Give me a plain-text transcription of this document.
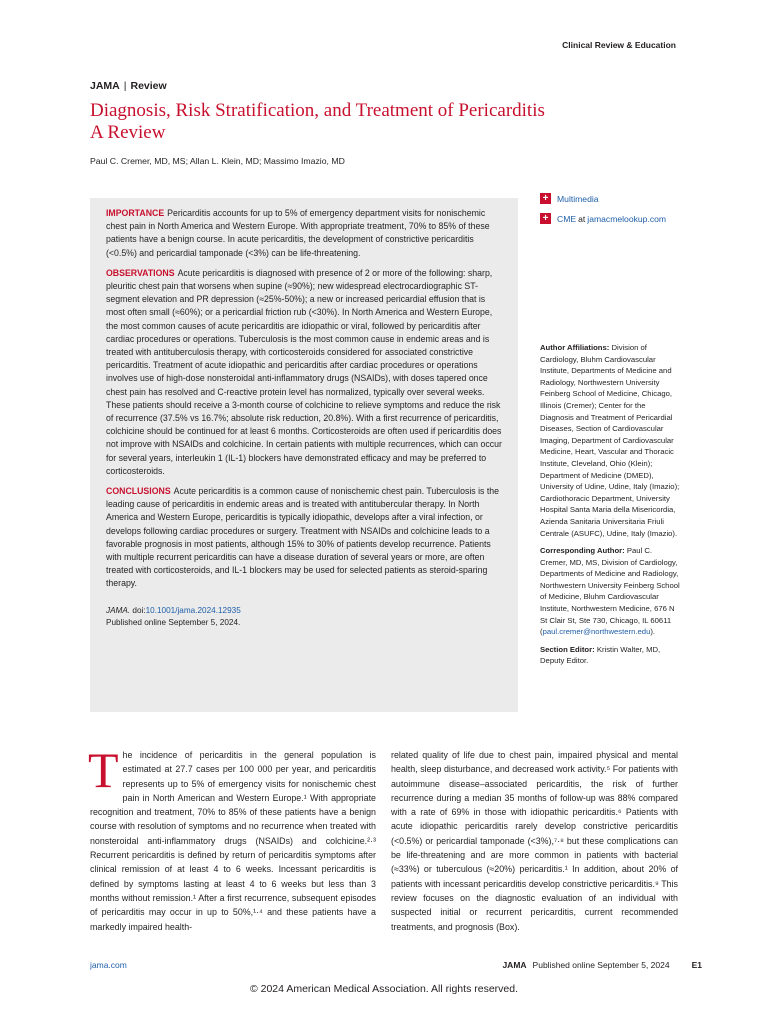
Clinical Review & Education
JAMA | Review
Diagnosis, Risk Stratification, and Treatment of Pericarditis
A Review
Paul C. Cremer, MD, MS; Allan L. Klein, MD; Massimo Imazio, MD

IMPORTANCE Pericarditis accounts for up to 5% of emergency department visits for nonischemic chest pain in North America and Western Europe. With appropriate treatment, 70% to 85% of these patients have a benign course. In acute pericarditis, the development of constrictive pericarditis (<0.5%) and pericardial tamponade (<3%) can be life-threatening.

OBSERVATIONS Acute pericarditis is diagnosed with presence of 2 or more of the following: sharp, pleuritic chest pain that worsens when supine (≈90%); new widespread electrocardiographic ST-segment elevation and PR depression (≈25%-50%); a new or increased pericardial effusion that is most often small (≈60%); or a pericardial friction rub (<30%). In North America and Western Europe, the most common causes of acute pericarditis are idiopathic or viral, followed by pericarditis after cardiac procedures or operations. Tuberculosis is the most common cause in endemic areas and is treated with antituberculosis therapy, with corticosteroids considered for associated constrictive pericarditis. Treatment of acute idiopathic and pericarditis after cardiac procedures or operations involves use of high-dose nonsteroidal anti-inflammatory drugs (NSAIDs), with doses tapered once chest pain has resolved and C-reactive protein level has normalized, typically over several weeks. These patients should receive a 3-month course of colchicine to relieve symptoms and reduce the risk of recurrence (37.5% vs 16.7%; absolute risk reduction, 20.8%). With a first recurrence of pericarditis, colchicine should be continued for at least 6 months. Corticosteroids are often used if pericarditis does not improve with NSAIDs and colchicine. In certain patients with multiple recurrences, which can occur for several years, interleukin 1 (IL-1) blockers have demonstrated efficacy and may be preferred to corticosteroids.

CONCLUSIONS Acute pericarditis is a common cause of nonischemic chest pain. Tuberculosis is the leading cause of pericarditis in endemic areas and is treated with antitubercular therapy. In North America and Western Europe, pericarditis is typically idiopathic, develops after a viral infection, or develops following cardiac procedures or surgery. Treatment with NSAIDs and colchicine leads to a favorable prognosis in most patients, although 15% to 30% of patients develop recurrence. Patients with multiple recurrent pericarditis can have a disease duration of several years or more, are often treated with corticosteroids, and IL-1 blockers may be used for selected patients as steroid-sparing therapy.

JAMA. doi:10.1001/jama.2024.12935
Published online September 5, 2024.
+ Multimedia
+ CME at jamacmelookup.com

Author Affiliations: Division of Cardiology, Bluhm Cardiovascular Institute, Departments of Medicine and Radiology, Northwestern University Feinberg School of Medicine, Chicago, Illinois (Cremer); Center for the Diagnosis and Treatment of Pericardial Diseases, Section of Cardiovascular Imaging, Department of Cardiovascular Medicine, Heart, Vascular and Thoracic Institute, Cleveland, Ohio (Klein); Department of Medicine (DMED), University of Udine, Udine, Italy (Imazio); Cardiothoracic Department, University Hospital Santa Maria della Misericordia, Azienda Sanitaria Universitaria Friuli Centrale (ASUFC), Udine, Italy (Imazio).

Corresponding Author: Paul C. Cremer, MD, MS, Division of Cardiology, Departments of Medicine and Radiology, Northwestern University Feinberg School of Medicine, Bluhm Cardiovascular Institute, Northwestern Medicine, 676 N St Clair St, Ste 730, Chicago, IL 60611 (paul.cremer@northwestern.edu).

Section Editor: Kristin Walter, MD, Deputy Editor.

The incidence of pericarditis in the general population is estimated at 27.7 cases per 100 000 per year, and pericarditis represents up to 5% of emergency visits for nonischemic chest pain in North American and Western Europe.¹ With appropriate recognition and treatment, 70% to 85% of these patients have a benign course with resolution of symptoms and no recurrence when treated with nonsteroidal anti-inflammatory drugs (NSAIDs) and colchicine.²·³ Recurrent pericarditis is defined by return of pericarditis symptoms after clinical remission of at least 4 to 6 weeks. Incessant pericarditis is defined by symptoms lasting at least 4 to 6 weeks but less than 3 months without remission.¹ After a first recurrence, subsequent episodes of pericarditis may occur in up to 50%,¹·⁴ and these patients have a markedly impaired health-
related quality of life due to chest pain, impaired physical and mental health, sleep disturbance, and decreased work activity.⁵ For patients with autoimmune disease–associated pericarditis, the risk of further recurrence during a median 35 months of follow-up was 88% compared with a rate of 69% in those with idiopathic pericarditis.⁶ Patients with acute idiopathic pericarditis rarely develop constrictive pericarditis (<0.5%) or pericardial tamponade (<3%),⁷·⁸ but these complications can be life-threatening and are more common in patients with bacterial (≈33%) or tuberculous (≈20%) pericarditis.¹ In addition, about 20% of patients with incessant pericarditis develop constrictive pericarditis.⁹ This review focuses on the diagnostic evaluation of an individual with suspected initial or recurrent pericarditis, current recommended treatments, and prognosis (Box).
jama.com	JAMA Published online September 5, 2024	E1
© 2024 American Medical Association. All rights reserved.
